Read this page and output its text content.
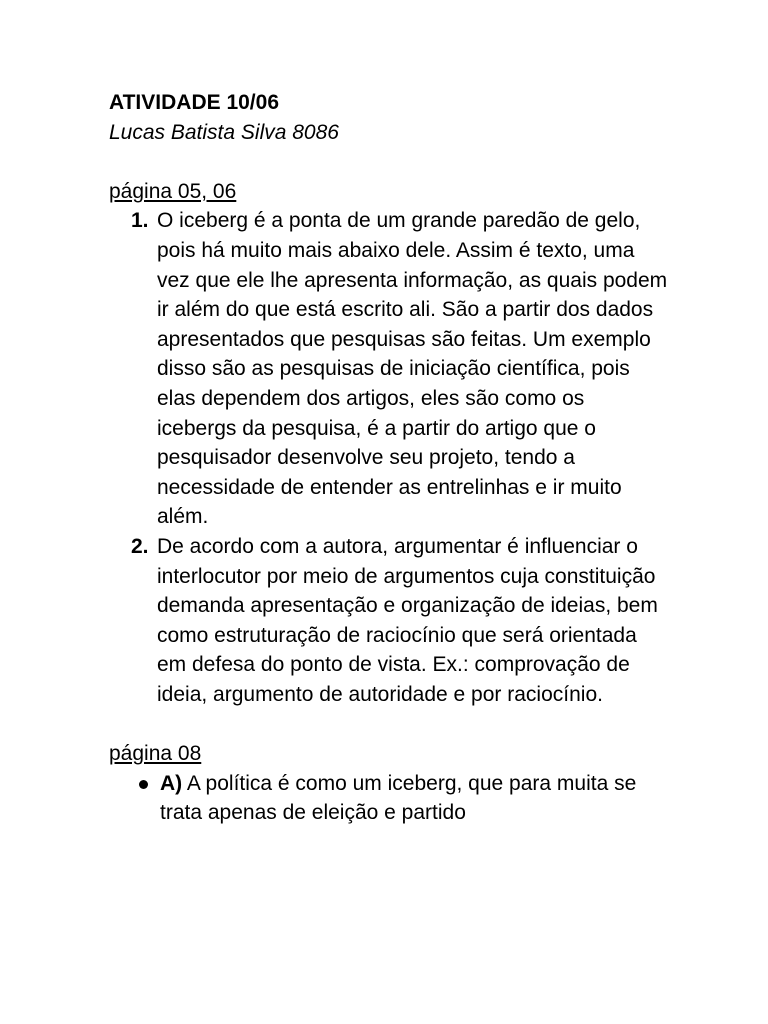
ATIVIDADE 10/06
Lucas Batista Silva 8086
página 05, 06
1. O iceberg é a ponta de um grande paredão de gelo, pois há muito mais abaixo dele. Assim é texto, uma vez que ele lhe apresenta informação, as quais podem ir além do que está escrito ali. São a partir dos dados apresentados que pesquisas são feitas. Um exemplo disso são as pesquisas de iniciação científica, pois elas dependem dos artigos, eles são como os icebergs da pesquisa, é a partir do artigo que o pesquisador desenvolve seu projeto, tendo a necessidade de entender as entrelinhas e ir muito além.
2. De acordo com a autora, argumentar é influenciar o interlocutor por meio de argumentos cuja constituição demanda apresentação e organização de ideias, bem como estruturação de raciocínio que será orientada em defesa do ponto de vista. Ex.: comprovação de ideia, argumento de autoridade e por raciocínio.
página 08
A) A política é como um iceberg, que para muita se trata apenas de eleição e partido
